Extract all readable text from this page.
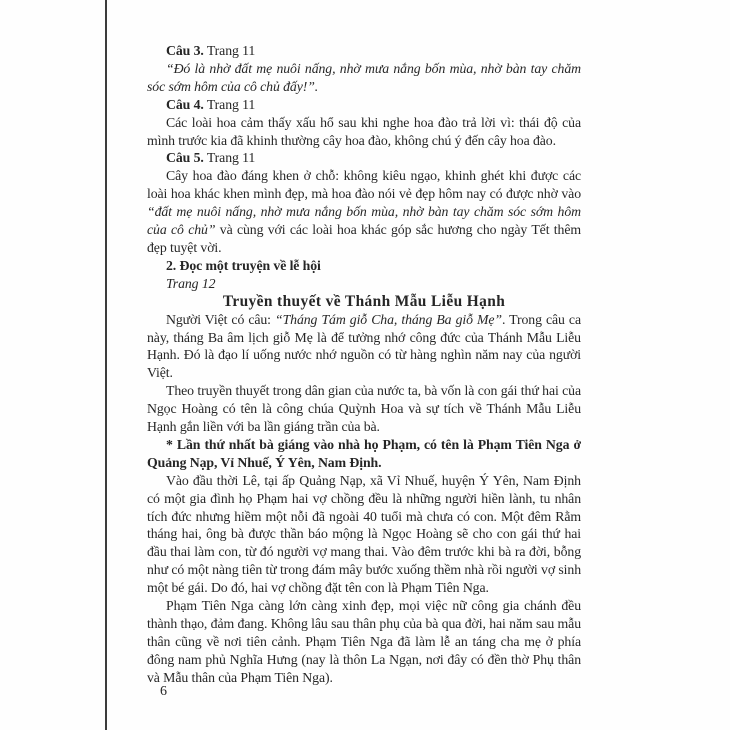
Câu 3. Trang 11

“Đó là nhờ đất mẹ nuôi nấng, nhờ mưa nắng bốn mùa, nhờ bàn tay chăm sóc sớm hôm của cô chủ đấy!”.

Câu 4. Trang 11

Các loài hoa cảm thấy xấu hổ sau khi nghe hoa đào trả lời vì: thái độ của mình trước kia đã khinh thường cây hoa đào, không chú ý đến cây hoa đào.

Câu 5. Trang 11

Cây hoa đào đáng khen ở chỗ: không kiêu ngạo, khinh ghét khi được các loài hoa khác khen mình đẹp, mà hoa đào nói vẻ đẹp hôm nay có được nhờ vào “đất mẹ nuôi nấng, nhờ mưa nắng bốn mùa, nhờ bàn tay chăm sóc sớm hôm của cô chủ” và cùng với các loài hoa khác góp sắc hương cho ngày Tết thêm đẹp tuyệt vời.

2. Đọc một truyện về lễ hội

Trang 12

Truyền thuyết về Thánh Mẫu Liễu Hạnh

Người Việt có câu: “Tháng Tám giỗ Cha, tháng Ba giỗ Mẹ”. Trong câu ca này, tháng Ba âm lịch giỗ Mẹ là để tưởng nhớ công đức của Thánh Mẫu Liễu Hạnh. Đó là đạo lí uống nước nhớ nguồn có từ hàng nghìn năm nay của người Việt.

Theo truyền thuyết trong dân gian của nước ta, bà vốn là con gái thứ hai của Ngọc Hoàng có tên là công chúa Quỳnh Hoa và sự tích về Thánh Mẫu Liễu Hạnh gắn liền với ba lần giáng trần của bà.

* Lần thứ nhất bà giáng vào nhà họ Phạm, có tên là Phạm Tiên Nga ở Quảng Nạp, Vỉ Nhuế, Ý Yên, Nam Định.

Vào đầu thời Lê, tại ấp Quảng Nạp, xã Vỉ Nhuế, huyện Ý Yên, Nam Định có một gia đình họ Phạm hai vợ chồng đều là những người hiền lành, tu nhân tích đức nhưng hiềm một nỗi đã ngoài 40 tuổi mà chưa có con. Một đêm Rằm tháng hai, ông bà được thần báo mộng là Ngọc Hoàng sẽ cho con gái thứ hai đầu thai làm con, từ đó người vợ mang thai. Vào đêm trước khi bà ra đời, bỗng như có một nàng tiên từ trong đám mây bước xuống thềm nhà rồi người vợ sinh một bé gái. Do đó, hai vợ chồng đặt tên con là Phạm Tiên Nga.

Phạm Tiên Nga càng lớn càng xinh đẹp, mọi việc nữ công gia chánh đều thành thạo, đảm đang. Không lâu sau thân phụ của bà qua đời, hai năm sau mẫu thân cũng về nơi tiên cảnh. Phạm Tiên Nga đã làm lễ an táng cha mẹ ở phía đông nam phủ Nghĩa Hưng (nay là thôn La Ngạn, nơi đây có đền thờ Phụ thân và Mẫu thân của Phạm Tiên Nga).

6
